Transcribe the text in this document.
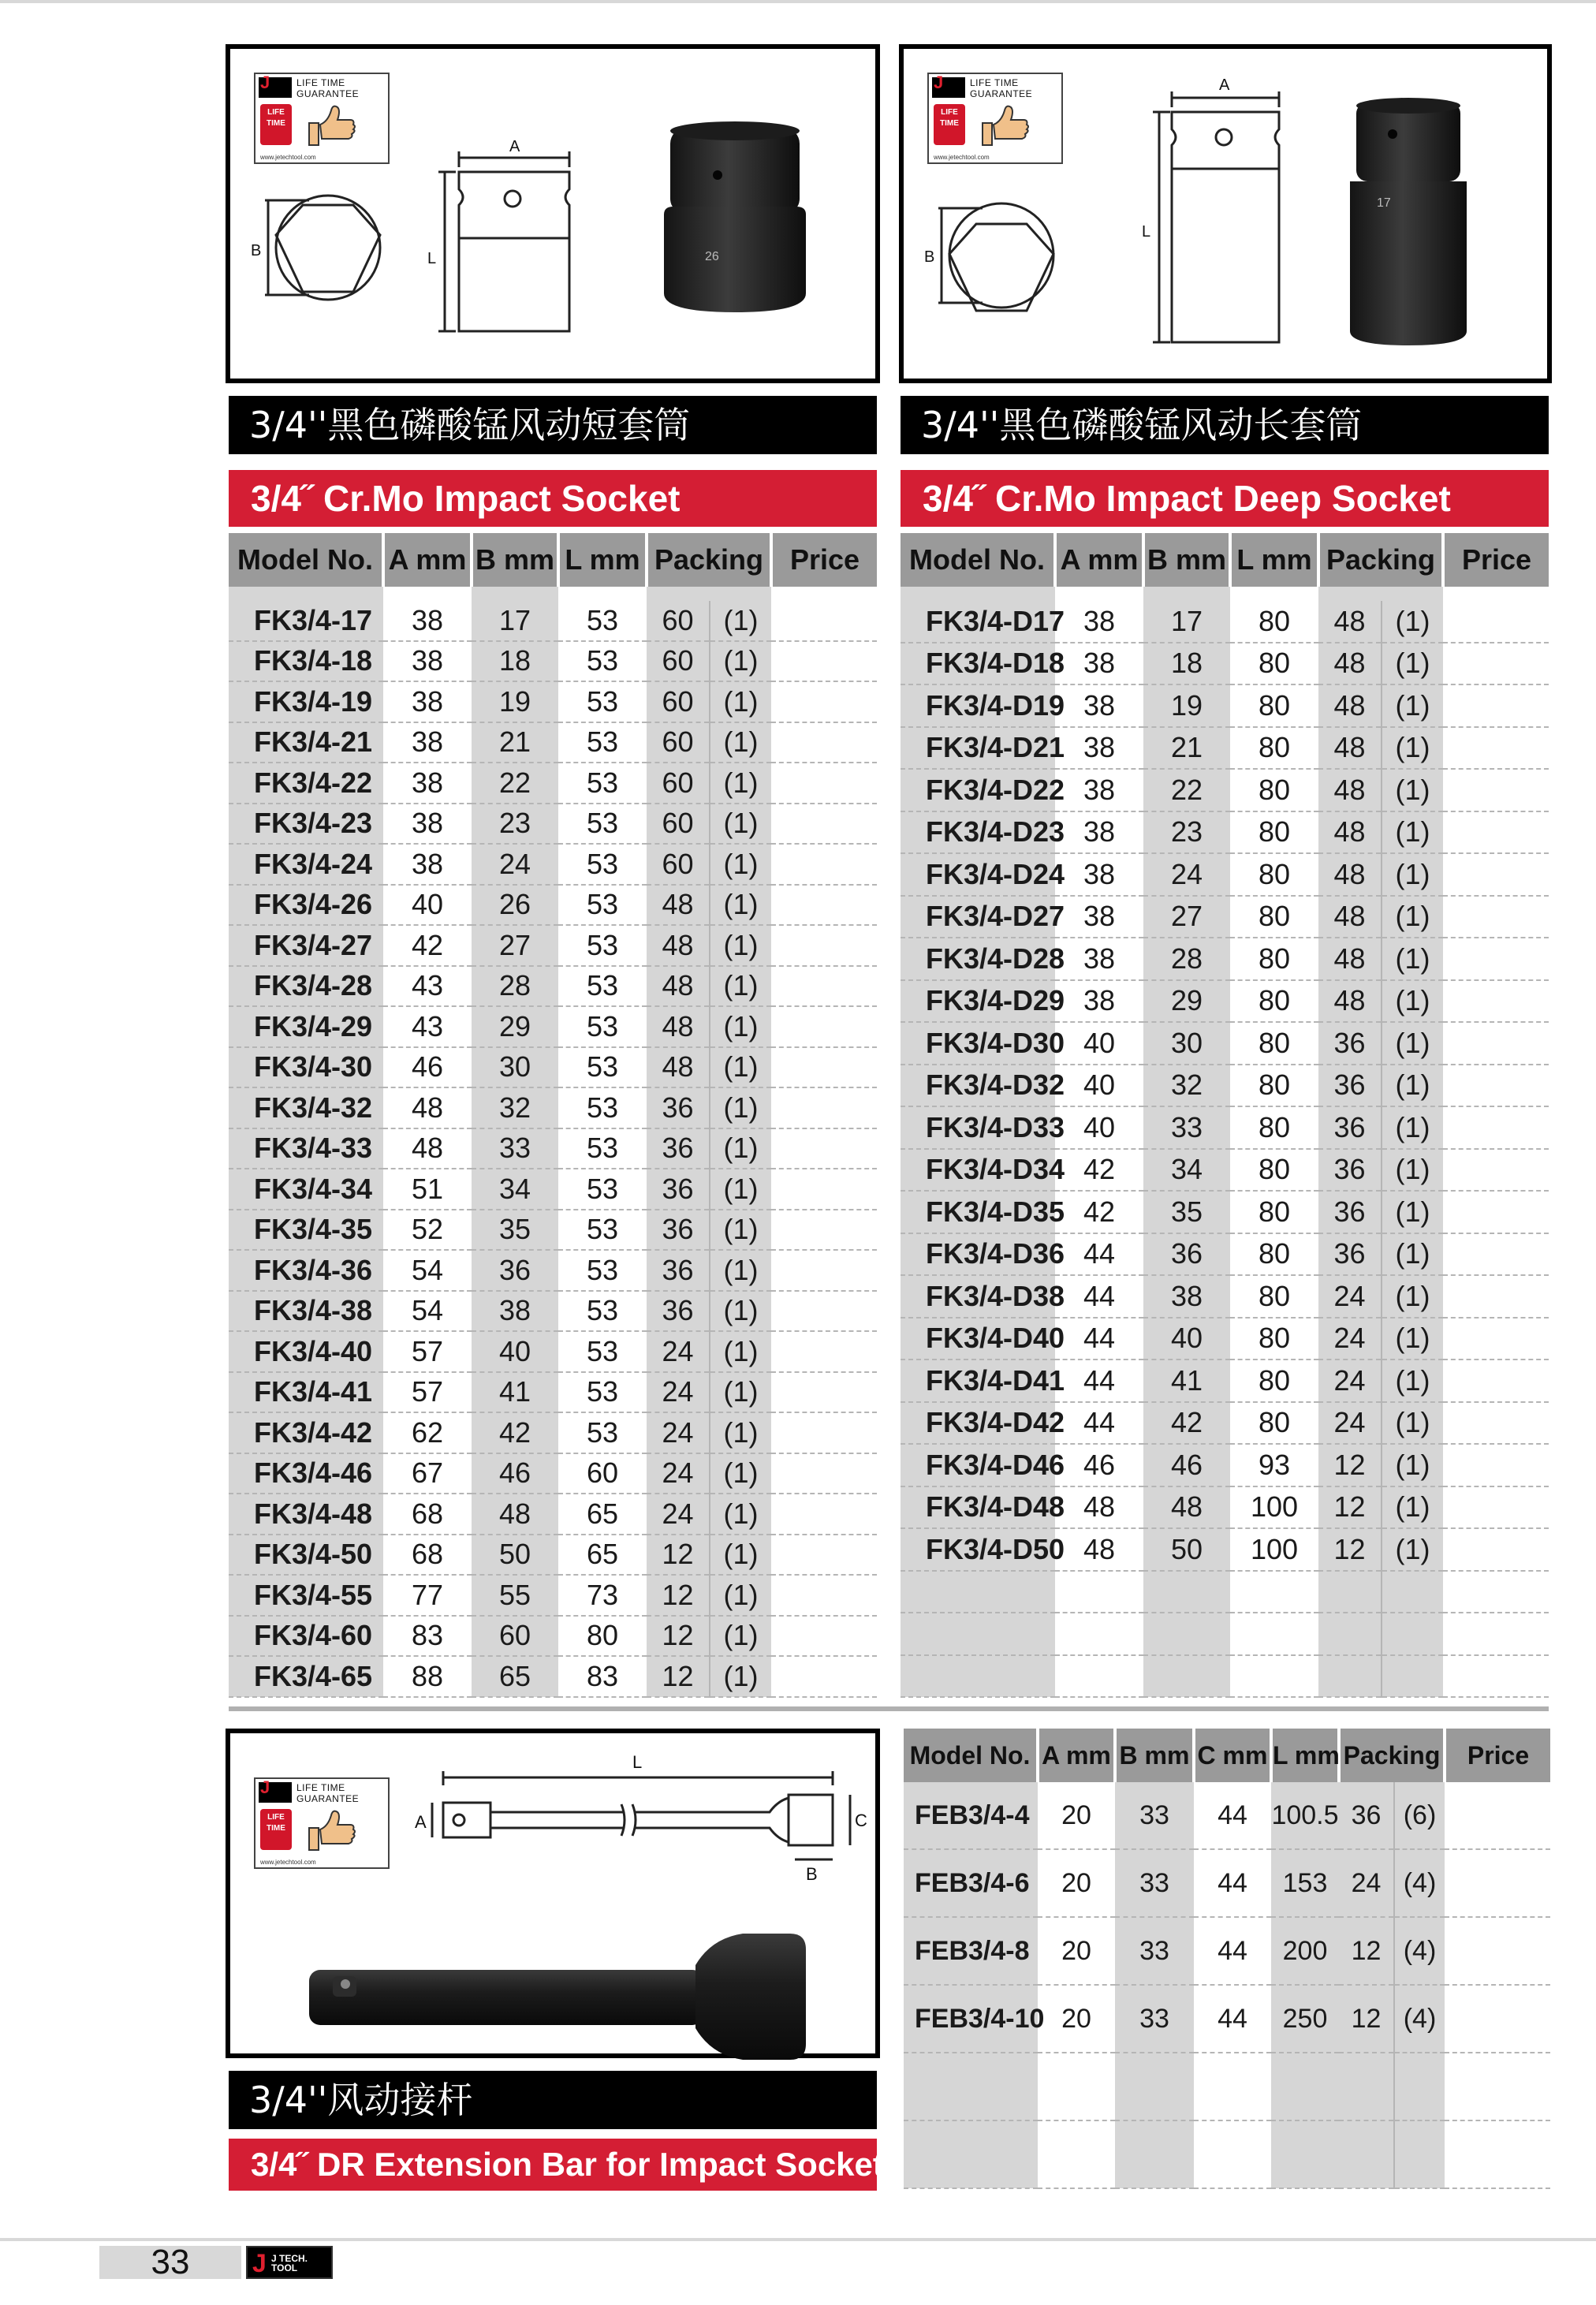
J	LIFE TIME GUARANTEE
LIFE TIME
www.jetechtool.com
A
B	L	26
3/4''黑色磷酸锰风动短套筒
3/4˝ Cr.Mo Impact Socket
Model No.	A mm	B mm	L mm	Packing		Price

FK3/4-17	38	17	53	60	(1)	
FK3/4-18	38	18	53	60	(1)	
FK3/4-19	38	19	53	60	(1)	
FK3/4-21	38	21	53	60	(1)	
FK3/4-22	38	22	53	60	(1)	
FK3/4-23	38	23	53	60	(1)	
FK3/4-24	38	24	53	60	(1)	
FK3/4-26	40	26	53	48	(1)	
FK3/4-27	42	27	53	48	(1)	
FK3/4-28	43	28	53	48	(1)	
FK3/4-29	43	29	53	48	(1)	
FK3/4-30	46	30	53	48	(1)	
FK3/4-32	48	32	53	36	(1)	
FK3/4-33	48	33	53	36	(1)	
FK3/4-34	51	34	53	36	(1)	
FK3/4-35	52	35	53	36	(1)	
FK3/4-36	54	36	53	36	(1)	
FK3/4-38	54	38	53	36	(1)	
FK3/4-40	57	40	53	24	(1)	
FK3/4-41	57	41	53	24	(1)	
FK3/4-42	62	42	53	24	(1)	
FK3/4-46	67	46	60	24	(1)	
FK3/4-48	68	48	65	24	(1)	
FK3/4-50	68	50	65	12	(1)	
FK3/4-55	77	55	73	12	(1)	
FK3/4-60	83	60	80	12	(1)	
FK3/4-65	88	65	83	12	(1)	
J	LIFE TIME GUARANTEE
LIFE TIME
www.jetechtool.com
A
B
L
17
3/4''黑色磷酸锰风动长套筒
3/4˝ Cr.Mo Impact Deep Socket
Model No.	A mm	B mm	L mm	Packing		Price

FK3/4-D17	38	17	80	48	(1)	
FK3/4-D18	38	18	80	48	(1)	
FK3/4-D19	38	19	80	48	(1)	
FK3/4-D21	38	21	80	48	(1)	
FK3/4-D22	38	22	80	48	(1)	
FK3/4-D23	38	23	80	48	(1)	
FK3/4-D24	38	24	80	48	(1)	
FK3/4-D27	38	27	80	48	(1)	
FK3/4-D28	38	28	80	48	(1)	
FK3/4-D29	38	29	80	48	(1)	
FK3/4-D30	40	30	80	36	(1)	
FK3/4-D32	40	32	80	36	(1)	
FK3/4-D33	40	33	80	36	(1)	
FK3/4-D34	42	34	80	36	(1)	
FK3/4-D35	42	35	80	36	(1)	
FK3/4-D36	44	36	80	36	(1)	
FK3/4-D38	44	38	80	24	(1)	
FK3/4-D40	44	40	80	24	(1)	
FK3/4-D41	44	41	80	24	(1)	
FK3/4-D42	44	42	80	24	(1)	
FK3/4-D46	46	46	93	12	(1)	
FK3/4-D48	48	48	100	12	(1)	
FK3/4-D50	48	50	100	12	(1)	

J	LIFE TIME GUARANTEE
LIFE TIME
www.jetechtool.com
L
A
B
C
3/4''风动接杆
3/4˝ DR Extension Bar for Impact Socket
Model No.	A mm	B mm	C mm	L mm	Packing		Price
FEB3/4-4	20	33	44	100.5	36	(6)	
FEB3/4-6	20	33	44	153	24	(4)	
FEB3/4-8	20	33	44	200	12	(4)	
FEB3/4-10	20	33	44	250	12	(4)	

33	J J TECH. TOOL
